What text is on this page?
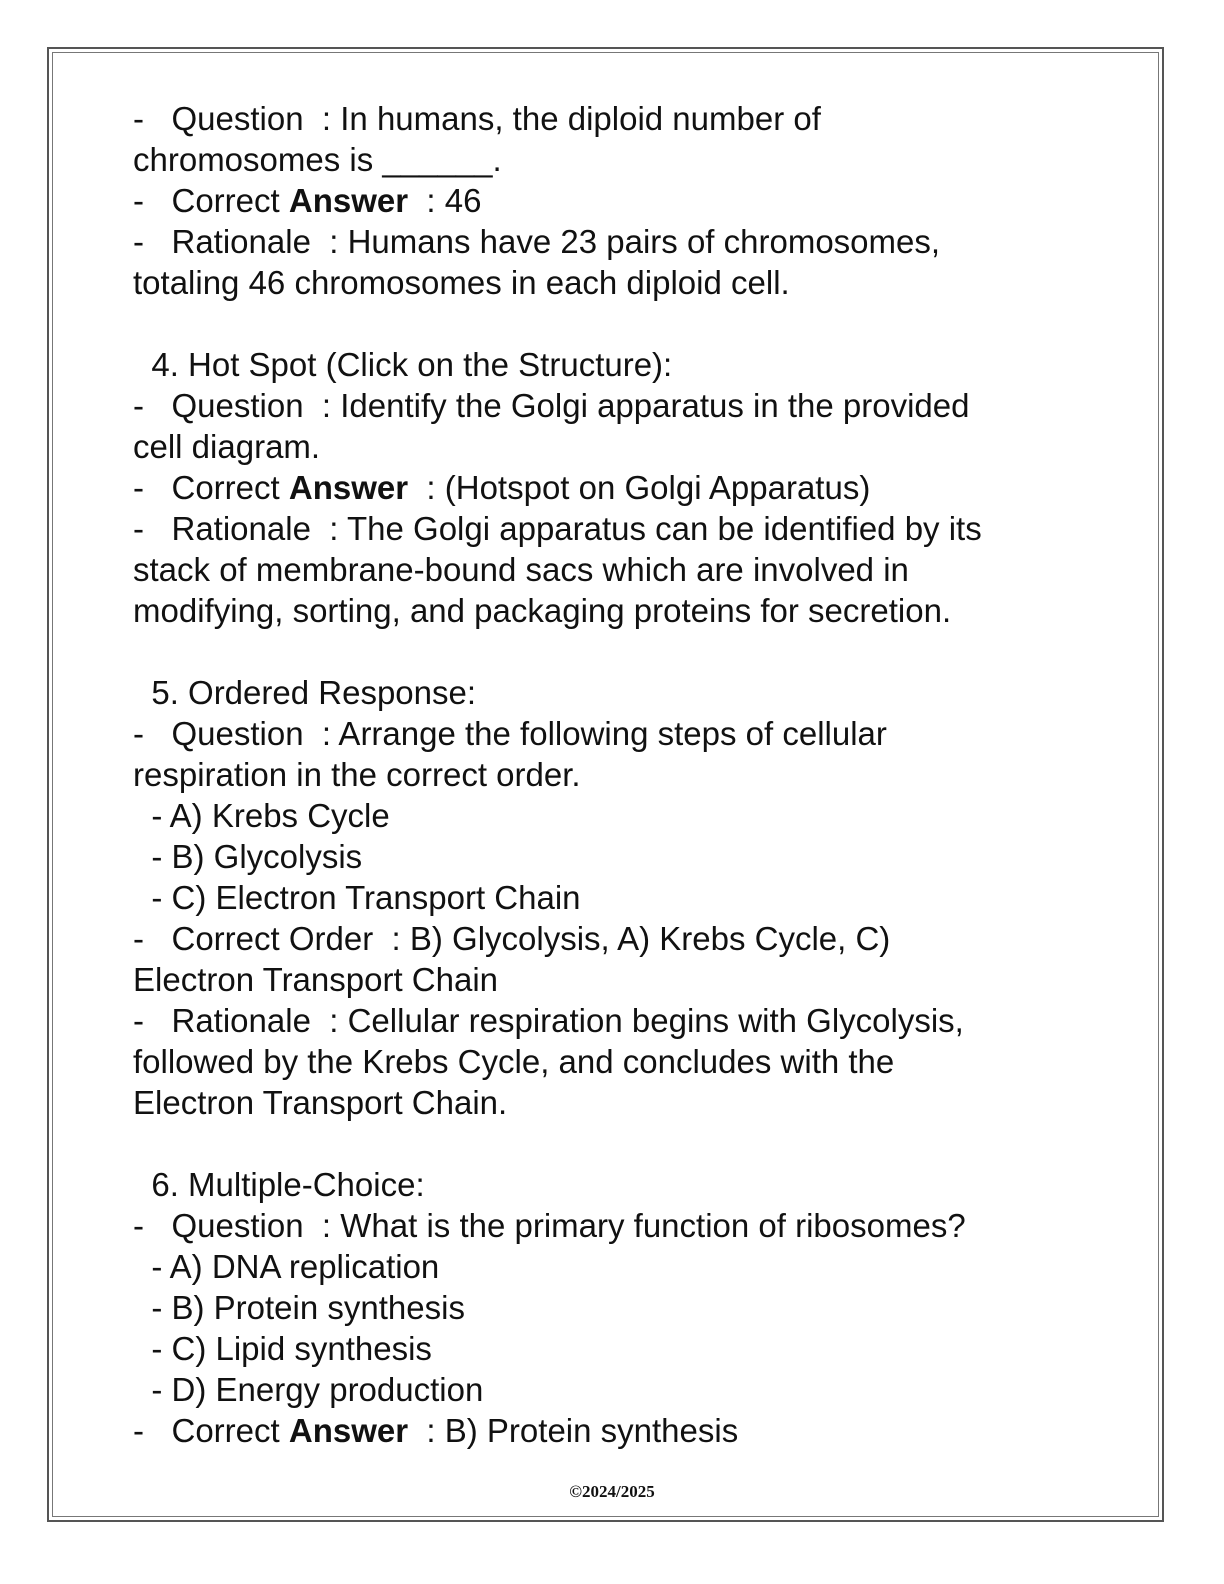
-   Question  : In humans, the diploid number of
chromosomes is ______.
-   Correct Answer  : 46
-   Rationale  : Humans have 23 pairs of chromosomes,
totaling 46 chromosomes in each diploid cell.
4. Hot Spot (Click on the Structure):
-   Question  : Identify the Golgi apparatus in the provided
cell diagram.
-   Correct Answer  : (Hotspot on Golgi Apparatus)
-   Rationale  : The Golgi apparatus can be identified by its
stack of membrane-bound sacs which are involved in
modifying, sorting, and packaging proteins for secretion.
5. Ordered Response:
-   Question  : Arrange the following steps of cellular
respiration in the correct order.
- A) Krebs Cycle
- B) Glycolysis
- C) Electron Transport Chain
-   Correct Order  : B) Glycolysis, A) Krebs Cycle, C)
Electron Transport Chain
-   Rationale  : Cellular respiration begins with Glycolysis,
followed by the Krebs Cycle, and concludes with the
Electron Transport Chain.
6. Multiple-Choice:
-   Question  : What is the primary function of ribosomes?
- A) DNA replication
- B) Protein synthesis
- C) Lipid synthesis
- D) Energy production
-   Correct Answer  : B) Protein synthesis
©2024/2025
